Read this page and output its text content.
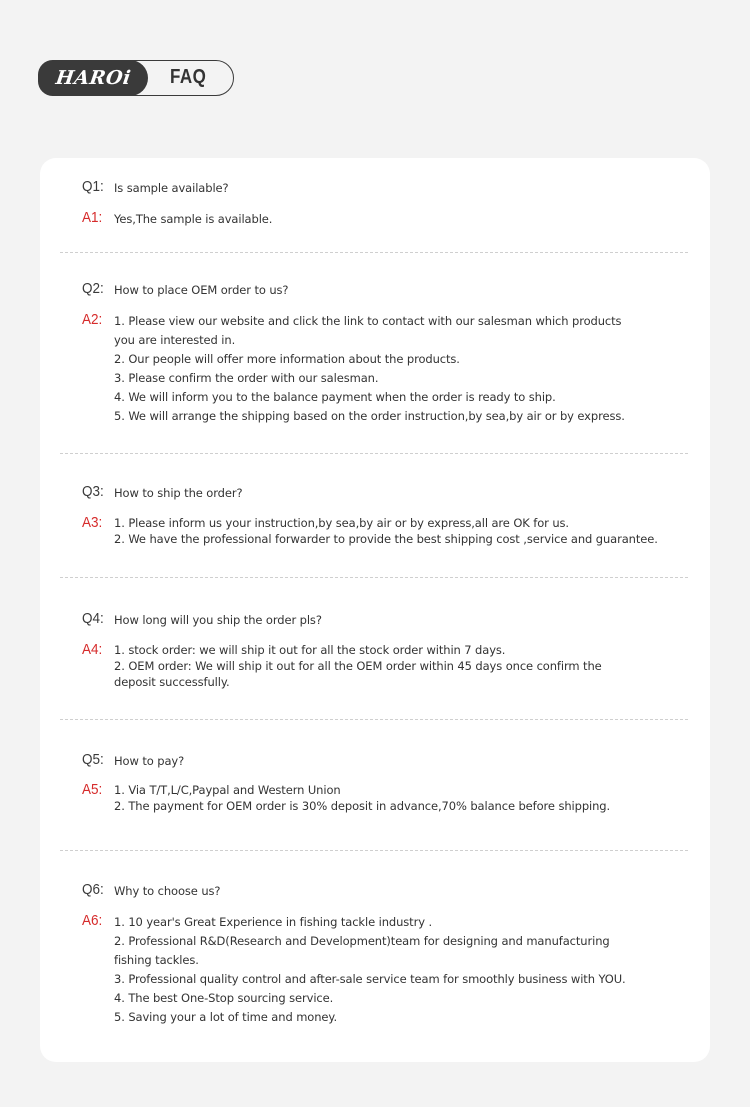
HAROi FAQ
Q1: Is sample available?
A1: Yes,The sample is available.
Q2: How to place OEM order to us?
A2: 1. Please view our website and click the link to contact with our salesman which products
you are interested in.
2. Our people will offer more information about the products.
3. Please confirm the order with our salesman.
4. We will inform you to the balance payment when the order is ready to ship.
5. We will arrange the shipping based on the order instruction,by sea,by air or by express.
Q3: How to ship the order?
A3: 1. Please inform us your instruction,by sea,by air or by express,all are OK for us.
2. We have the professional forwarder to provide the best shipping cost ,service and guarantee.
Q4: How long will you ship the order pls?
A4: 1. stock order: we will ship it out for all the stock order within 7 days.
2. OEM order: We will ship it out for all the OEM order within 45 days once confirm the
deposit successfully.
Q5: How to pay?
A5: 1. Via T/T,L/C,Paypal and Western Union
2. The payment for OEM order is 30% deposit in advance,70% balance before shipping.
Q6: Why to choose us?
A6: 1. 10 year's Great Experience in fishing tackle industry .
2. Professional R&D(Research and Development)team for designing and manufacturing
fishing tackles.
3. Professional quality control and after-sale service team for smoothly business with YOU.
4. The best One-Stop sourcing service.
5. Saving your a lot of time and money.
